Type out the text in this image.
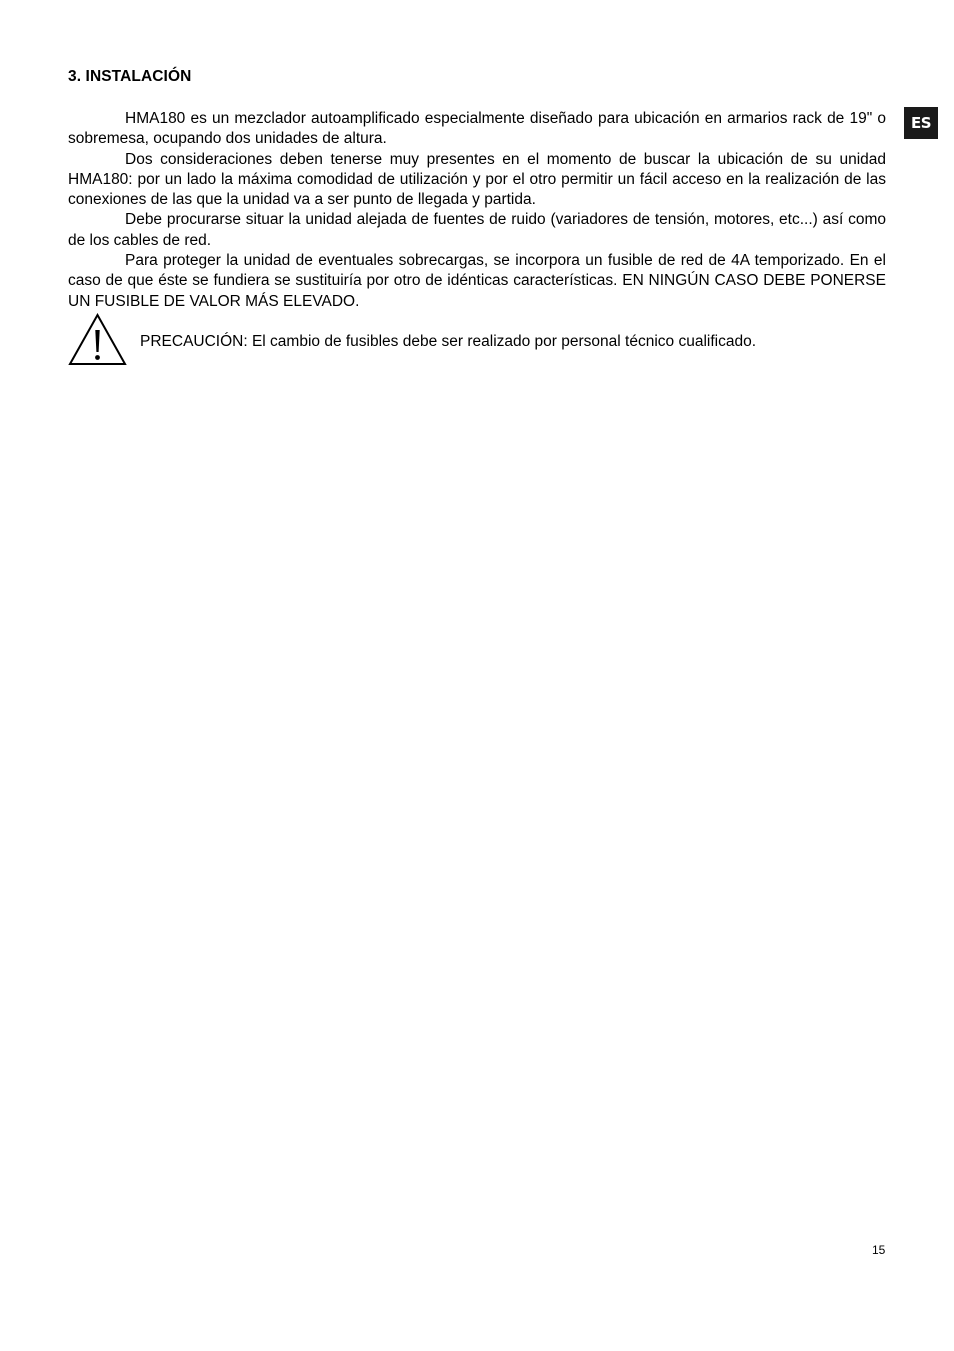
3. INSTALACIÓN
ES

HMA180 es un mezclador autoamplificado especialmente diseñado para ubicación en armarios rack de 19" o sobremesa, ocupando dos unidades de altura.

Dos consideraciones deben tenerse muy presentes en el momento de buscar la ubicación de su unidad HMA180: por un lado la máxima comodidad de utilización y por el otro permitir un fácil acceso en la realización de las conexiones de las que la unidad va a ser punto de llegada y partida.

Debe procurarse situar la unidad alejada de fuentes de ruido (variadores de tensión, motores, etc...) así como de los cables de red.

Para proteger la unidad de eventuales sobrecargas, se incorpora un fusible de red de 4A temporizado. En el caso de que éste se fundiera se sustituiría por otro de idénticas características. EN NINGÚN CASO DEBE PONERSE UN FUSIBLE DE VALOR MÁS ELEVADO.

PRECAUCIÓN: El cambio de fusibles debe ser realizado por personal técnico cualificado.
15
